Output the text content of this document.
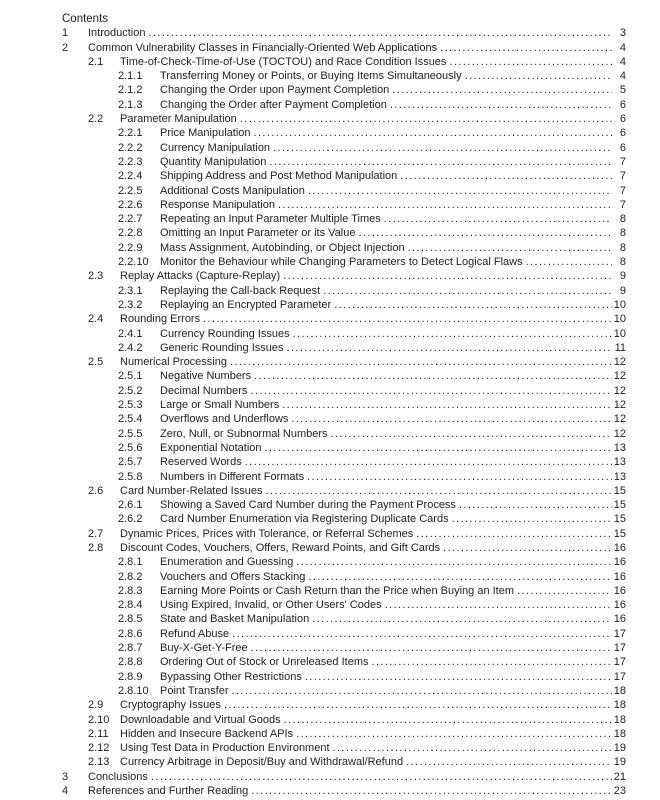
Contents
1	Introduction .....	3
2	Common Vulnerability Classes in Financially-Oriented Web Applications .....	4
2.1	Time-of-Check-Time-of-Use (TOCTOU) and Race Condition Issues .....	4
2.1.1	Transferring Money or Points, or Buying Items Simultaneously .....	4
2.1.2	Changing the Order upon Payment Completion .....	5
2.1.3	Changing the Order after Payment Completion .....	6
2.2	Parameter Manipulation .....	6
2.2.1	Price Manipulation .....	6
2.2.2	Currency Manipulation .....	6
2.2.3	Quantity Manipulation .....	7
2.2.4	Shipping Address and Post Method Manipulation .....	7
2.2.5	Additional Costs Manipulation .....	7
2.2.6	Response Manipulation .....	7
2.2.7	Repeating an Input Parameter Multiple Times .....	8
2.2.8	Omitting an Input Parameter or its Value .....	8
2.2.9	Mass Assignment, Autobinding, or Object Injection .....	8
2.2.10	Monitor the Behaviour while Changing Parameters to Detect Logical Flaws .....	8
2.3	Replay Attacks (Capture-Replay) .....	9
2.3.1	Replaying the Call-back Request .....	9
2.3.2	Replaying an Encrypted Parameter .....	10
2.4	Rounding Errors .....	10
2.4.1	Currency Rounding Issues .....	10
2.4.2	Generic Rounding Issues .....	11
2.5	Numerical Processing .....	12
2.5.1	Negative Numbers .....	12
2.5.2	Decimal Numbers .....	12
2.5.3	Large or Small Numbers .....	12
2.5.4	Overflows and Underflows .....	12
2.5.5	Zero, Null, or Subnormal Numbers .....	12
2.5.6	Exponential Notation .....	13
2.5.7	Reserved Words .....	13
2.5.8	Numbers in Different Formats .....	13
2.6	Card Number-Related Issues .....	15
2.6.1	Showing a Saved Card Number during the Payment Process .....	15
2.6.2	Card Number Enumeration via Registering Duplicate Cards .....	15
2.7	Dynamic Prices, Prices with Tolerance, or Referral Schemes .....	15
2.8	Discount Codes, Vouchers, Offers, Reward Points, and Gift Cards .....	16
2.8.1	Enumeration and Guessing .....	16
2.8.2	Vouchers and Offers Stacking .....	16
2.8.3	Earning More Points or Cash Return than the Price when Buying an Item .....	16
2.8.4	Using Expired, Invalid, or Other Users' Codes .....	16
2.8.5	State and Basket Manipulation .....	16
2.8.6	Refund Abuse .....	17
2.8.7	Buy-X-Get-Y-Free .....	17
2.8.8	Ordering Out of Stock or Unreleased Items .....	17
2.8.9	Bypassing Other Restrictions .....	17
2.8.10	Point Transfer .....	18
2.9	Cryptography Issues .....	18
2.10 Downloadable and Virtual Goods .....	18
2.11	Hidden and Insecure Backend APIs .....	18
2.12 Using Test Data in Production Environment .....	19
2.13 Currency Arbitrage in Deposit/Buy and Withdrawal/Refund .....	19
3	Conclusions .....	21
4	References and Further Reading .....	23
